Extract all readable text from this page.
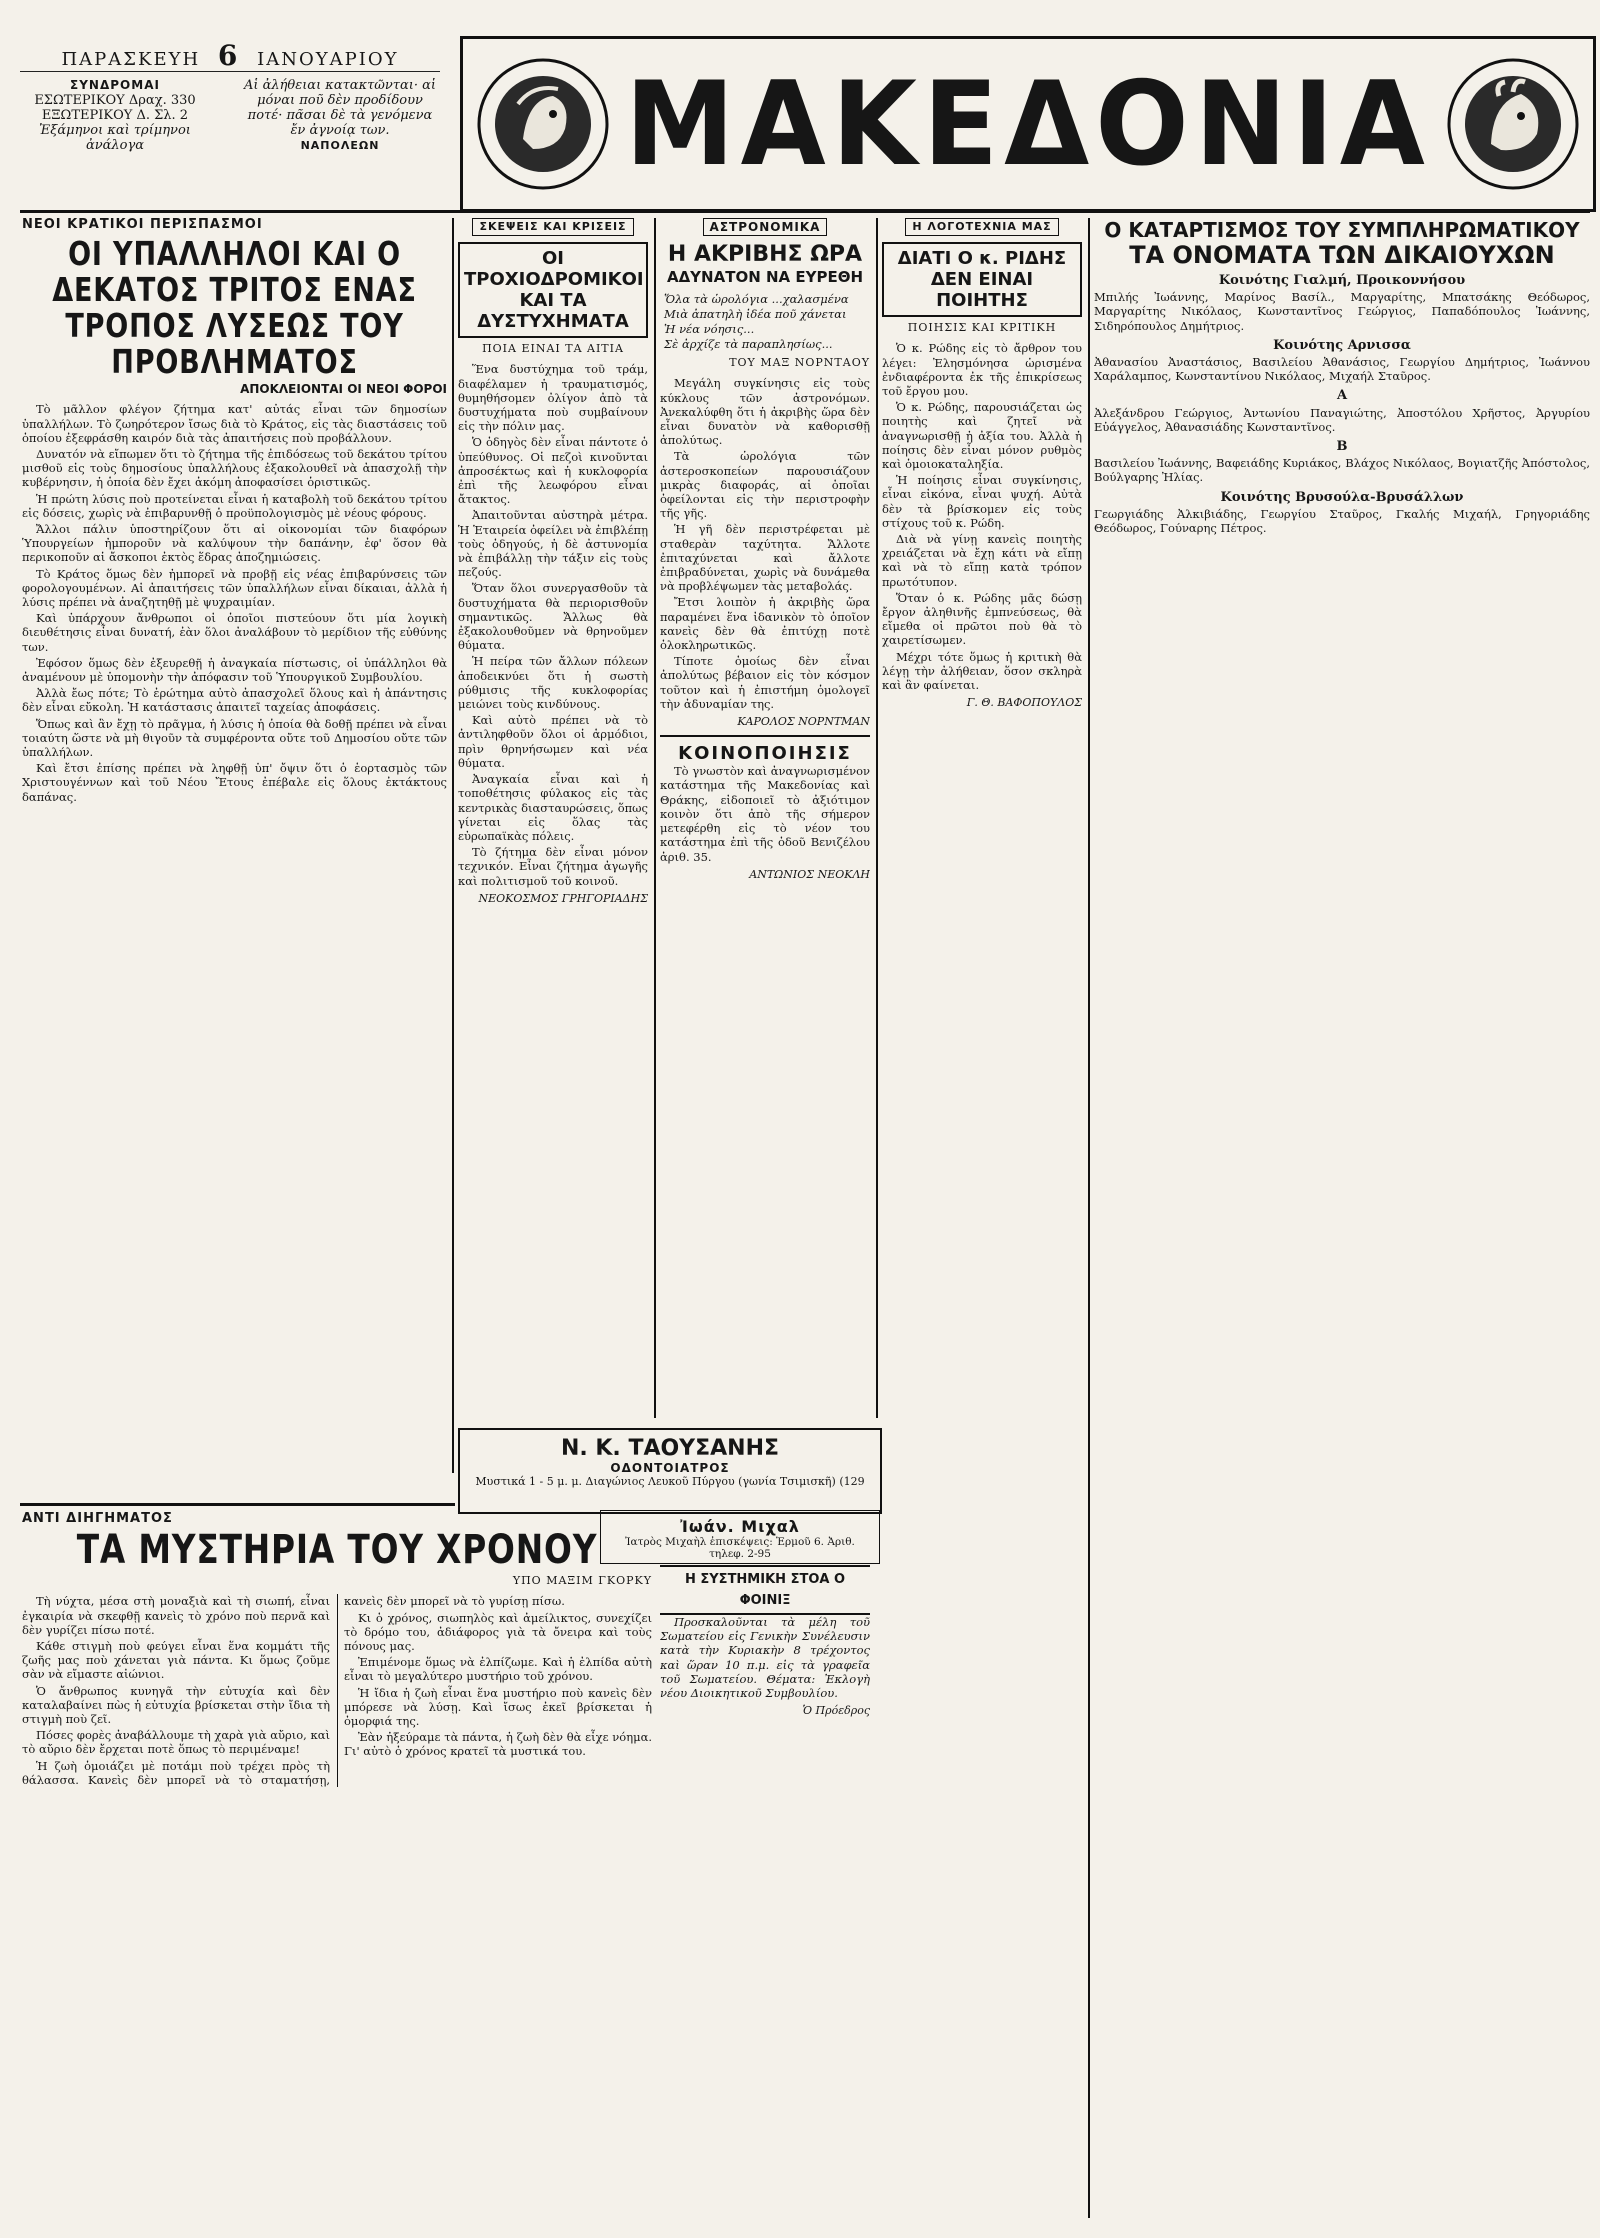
ΠΑΡΑΣΚΕΥΗ 6 ΙΑΝΟΥΑΡΙΟΥ
ΣΥΝΔΡΟΜΑΙ
ΕΣΩΤΕΡΙΚΟΥ Δραχ. 330
ΕΞΩΤΕΡΙΚΟΥ Δ. Σλ. 2
Ἐξάμηνοι καὶ τρίμηνοι ἀνάλογα
Αἱ ἀλήθειαι κατακτῶνται· αἱ μόναι ποῦ δὲν προδίδουν ποτέ· πᾶσαι δὲ τὰ γενόμενα ἔν ἀγνοίᾳ των.
ΝΑΠΟΛΕΩΝ	ΜΑΚΕΔΟΝΙΑ
ΝΕΟΙ ΚΡΑΤΙΚΟΙ ΠΕΡΙΣΠΑΣΜΟΙ
ΟΙ ΥΠΑΛΛΗΛΟΙ ΚΑΙ Ο ΔΕΚΑΤΟΣ ΤΡΙΤΟΣ ΕΝΑΣ ΤΡΟΠΟΣ ΛΥΣΕΩΣ ΤΟΥ ΠΡΟΒΛΗΜΑΤΟΣ
ΑΠΟΚΛΕΙΟΝΤΑΙ ΟΙ ΝΕΟΙ ΦΟΡΟΙ

Τὸ μᾶλλον φλέγον ζήτημα κατ' αὐτάς εἶναι τῶν δημοσίων ὑπαλλήλων. Τὸ ζωηρότερον ἴσως διὰ τὸ Κράτος, εἰς τὰς διαστάσεις τοῦ ὁποίου ἐξεφράσθη καιρόν διὰ τὰς ἀπαιτήσεις ποὺ προβάλλουν.

Δυνατόν νὰ εἴπωμεν ὅτι τὸ ζήτημα τῆς ἐπιδόσεως τοῦ δεκάτου τρίτου μισθοῦ εἰς τοὺς δημοσίους ὑπαλλήλους ἐξακολουθεῖ νὰ ἀπασχολῇ τὴν κυβέρνησιν, ἡ ὁποία δὲν ἔχει ἀκόμη ἀποφασίσει ὁριστικῶς.

Ἡ πρώτη λύσις ποὺ προτείνεται εἶναι ἡ καταβολὴ τοῦ δεκάτου τρίτου εἰς δόσεις, χωρὶς νὰ ἐπιβαρυνθῇ ὁ προϋπολογισμὸς μὲ νέους φόρους.

Ἄλλοι πάλιν ὑποστηρίζουν ὅτι αἱ οἰκονομίαι τῶν διαφόρων Ὑπουργείων ἠμποροῦν νὰ καλύψουν τὴν δαπάνην, ἐφ' ὅσον θὰ περικοποῦν αἱ ἄσκοποι ἐκτὸς ἕδρας ἀποζημιώσεις.

Τὸ Κράτος ὅμως δὲν ἠμπορεῖ νὰ προβῇ εἰς νέας ἐπιβαρύνσεις τῶν φορολογουμένων. Αἱ ἀπαιτήσεις τῶν ὑπαλλήλων εἶναι δίκαιαι, ἀλλὰ ἡ λύσις πρέπει νὰ ἀναζητηθῇ μὲ ψυχραιμίαν.

Καὶ ὑπάρχουν ἄνθρωποι οἱ ὁποῖοι πιστεύουν ὅτι μία λογικὴ διευθέτησις εἶναι δυνατή, ἐὰν ὅλοι ἀναλάβουν τὸ μερίδιον τῆς εὐθύνης των.

Ἐφόσον ὅμως δὲν ἐξευρεθῇ ἡ ἀναγκαία πίστωσις, οἱ ὑπάλληλοι θὰ ἀναμένουν μὲ ὑπομονὴν τὴν ἀπόφασιν τοῦ Ὑπουργικοῦ Συμβουλίου.

Ἀλλὰ ἔως πότε; Τὸ ἐρώτημα αὐτὸ ἀπασχολεῖ ὅλους καὶ ἡ ἀπάντησις δὲν εἶναι εὔκολη. Ἡ κατάστασις ἀπαιτεῖ ταχείας ἀποφάσεις.

Ὅπως καὶ ἂν ἔχῃ τὸ πρᾶγμα, ἡ λύσις ἡ ὁποία θὰ δοθῇ πρέπει νὰ εἶναι τοιαύτη ὥστε νὰ μὴ θιγοῦν τὰ συμφέροντα οὔτε τοῦ Δημοσίου οὔτε τῶν ὑπαλλήλων.

Καὶ ἔτσι ἐπίσης πρέπει νὰ ληφθῇ ὑπ' ὄψιν ὅτι ὁ ἑορτασμὸς τῶν Χριστουγέννων καὶ τοῦ Νέου Ἔτους ἐπέβαλε εἰς ὅλους ἐκτάκτους δαπάνας.

ΣΚΕΨΕΙΣ ΚΑΙ ΚΡΙΣΕΙΣ
ΟΙ ΤΡΟΧΙΟΔΡΟΜΙΚΟΙ ΚΑΙ ΤΑ ΔΥΣΤΥΧΗΜΑΤΑ
ΠΟΙΑ ΕΙΝΑΙ ΤΑ ΑΙΤΙΑ

Ἕνα δυστύχημα τοῦ τράμ, διαφέλαμεν ἡ τραυματισμός, θυμηθήσομεν ὀλίγον ἀπὸ τὰ δυστυχήματα ποὺ συμβαίνουν εἰς τὴν πόλιν μας.

Ὁ ὁδηγὸς δὲν εἶναι πάντοτε ὁ ὑπεύθυνος. Οἱ πεζοὶ κινοῦνται ἀπροσέκτως καὶ ἡ κυκλοφορία ἐπὶ τῆς λεωφόρου εἶναι ἄτακτος.

Ἀπαιτοῦνται αὐστηρὰ μέτρα. Ἡ Ἑταιρεία ὀφείλει νὰ ἐπιβλέπῃ τοὺς ὁδηγούς, ἡ δὲ ἀστυνομία νὰ ἐπιβάλλῃ τὴν τάξιν εἰς τοὺς πεζούς.

Ὅταν ὅλοι συνεργασθοῦν τὰ δυστυχήματα θὰ περιορισθοῦν σημαντικῶς. Ἄλλως θὰ ἐξακολουθοῦμεν νὰ θρηνοῦμεν θύματα.

Ἡ πείρα τῶν ἄλλων πόλεων ἀποδεικνύει ὅτι ἡ σωστὴ ρύθμισις τῆς κυκλοφορίας μειώνει τοὺς κινδύνους.

Καὶ αὐτὸ πρέπει νὰ τὸ ἀντιληφθοῦν ὅλοι οἱ ἁρμόδιοι, πρὶν θρηνήσωμεν καὶ νέα θύματα.

Ἀναγκαία εἶναι καὶ ἡ τοποθέτησις φύλακος εἰς τὰς κεντρικὰς διασταυρώσεις, ὅπως γίνεται εἰς ὅλας τὰς εὐρωπαϊκὰς πόλεις.

Τὸ ζήτημα δὲν εἶναι μόνον τεχνικόν. Εἶναι ζήτημα ἀγωγῆς καὶ πολιτισμοῦ τοῦ κοινοῦ.

ΝΕΟΚΟΣΜΟΣ ΓΡΗΓΟΡΙΑΔΗΣ
ΑΣΤΡΟΝΟΜΙΚΑ
Η ΑΚΡΙΒΗΣ ΩΡΑ
ΑΔΥΝΑΤΟΝ ΝΑ ΕΥΡΕΘΗ
Ὅλα τὰ ὡρολόγια ...χαλασμένα
Μιὰ ἀπατηλὴ ἰδέα ποῦ χάνεται
Ἡ νέα νόησις...
Σὲ ἀρχίζε τὰ παραπλησίως...
ΤΟΥ ΜΑΞ ΝΟΡΝΤΑΟΥ

Μεγάλη συγκίνησις εἰς τοὺς κύκλους τῶν ἀστρονόμων. Ἀνεκαλύφθη ὅτι ἡ ἀκριβὴς ὥρα δὲν εἶναι δυνατὸν νὰ καθορισθῇ ἀπολύτως.

Τὰ ὡρολόγια τῶν ἀστεροσκοπείων παρουσιάζουν μικρὰς διαφοράς, αἱ ὁποῖαι ὀφείλονται εἰς τὴν περιστροφὴν τῆς γῆς.

Ἡ γῆ δὲν περιστρέφεται μὲ σταθερὰν ταχύτητα. Ἄλλοτε ἐπιταχύνεται καὶ ἄλλοτε ἐπιβραδύνεται, χωρὶς νὰ δυνάμεθα νὰ προβλέψωμεν τὰς μεταβολάς.

Ἔτσι λοιπὸν ἡ ἀκριβὴς ὥρα παραμένει ἕνα ἰδανικὸν τὸ ὁποῖον κανεὶς δὲν θὰ ἐπιτύχῃ ποτὲ ὁλοκληρωτικῶς.

Τίποτε ὁμοίως δὲν εἶναι ἀπολύτως βέβαιον εἰς τὸν κόσμον τοῦτον καὶ ἡ ἐπιστήμη ὁμολογεῖ τὴν ἀδυναμίαν της.

ΚΑΡΟΛΟΣ ΝΟΡΝΤΜΑΝ
ΚΟΙΝΟΠΟΙΗΣΙΣ

Τὸ γνωστὸν καὶ ἀναγνωρισμένον κατάστημα τῆς Μακεδονίας καὶ Θράκης, εἰδοποιεῖ τὸ ἀξιότιμον κοινὸν ὅτι ἀπὸ τῆς σήμερον μετεφέρθη εἰς τὸ νέον του κατάστημα ἐπὶ τῆς ὁδοῦ Βενιζέλου ἀριθ. 35.

ΑΝΤΩΝΙΟΣ ΝΕΟΚΛΗ
Η ΛΟΓΟΤΕΧΝΙΑ ΜΑΣ
ΔΙΑΤΙ Ο κ. ΡΙΔΗΣ ΔΕΝ ΕΙΝΑΙ ΠΟΙΗΤΗΣ
ΠΟΙΗΣΙΣ ΚΑΙ ΚΡΙΤΙΚΗ

Ὁ κ. Ρώδης εἰς τὸ ἄρθρον του λέγει: Ἐλησμόνησα ὡρισμένα ἐνδιαφέροντα ἐκ τῆς ἐπικρίσεως τοῦ ἔργου μου.

Ὁ κ. Ρώδης, παρουσιάζεται ὡς ποιητὴς καὶ ζητεῖ νὰ ἀναγνωρισθῇ ἡ ἀξία του. Ἀλλὰ ἡ ποίησις δὲν εἶναι μόνον ρυθμὸς καὶ ὁμοιοκαταληξία.

Ἡ ποίησις εἶναι συγκίνησις, εἶναι εἰκόνα, εἶναι ψυχή. Αὐτὰ δὲν τὰ βρίσκομεν εἰς τοὺς στίχους τοῦ κ. Ρώδη.

Διὰ νὰ γίνῃ κανεὶς ποιητὴς χρειάζεται νὰ ἔχῃ κάτι νὰ εἴπῃ καὶ νὰ τὸ εἴπῃ κατὰ τρόπον πρωτότυπον.

Ὅταν ὁ κ. Ρώδης μᾶς δώσῃ ἔργον ἀληθινῆς ἐμπνεύσεως, θὰ εἴμεθα οἱ πρῶτοι ποὺ θὰ τὸ χαιρετίσωμεν.

Μέχρι τότε ὅμως ἡ κριτικὴ θὰ λέγῃ τὴν ἀλήθειαν, ὅσον σκληρὰ καὶ ἂν φαίνεται.

Γ. Θ. ΒΑΦΟΠΟΥΛΟΣ
Ο ΚΑΤΑΡΤΙΣΜΟΣ ΤΟΥ ΣΥΜΠΛΗΡΩΜΑΤΙΚΟΥ
ΤΑ ΟΝΟΜΑΤΑ ΤΩΝ ΔΙΚΑΙΟΥΧΩΝ
Κοινότης Γιαλμή, Προικοννήσου

Μπιλής Ἰωάννης, Μαρίνος Βασίλ., Μαργαρίτης, Μπατσάκης Θεόδωρος, Μαργαρίτης Νικόλαος, Κωνσταντῖνος Γεώργιος, Παπαδόπουλος Ἰωάννης, Σιδηρόπουλος Δημήτριος.

Κοινότης Αρνισσα

Ἀθανασίου Ἀναστάσιος, Βασιλείου Ἀθανάσιος, Γεωργίου Δημήτριος, Ἰωάννου Χαράλαμπος, Κωνσταντίνου Νικόλαος, Μιχαήλ Σταῦρος.

Α

Ἀλεξάνδρου Γεώργιος, Ἀντωνίου Παναγιώτης, Ἀποστόλου Χρῆστος, Ἀργυρίου Εὐάγγελος, Ἀθανασιάδης Κωνσταντῖνος.

Β

Βασιλείου Ἰωάννης, Βαφειάδης Κυριάκος, Βλάχος Νικόλαος, Βογιατζῆς Ἀπόστολος, Βούλγαρης Ἠλίας.

Κοινότης Βρυσούλα-Βρυσάλλων

Γεωργιάδης Ἀλκιβιάδης, Γεωργίου Σταῦρος, Γκαλής Μιχαήλ, Γρηγοριάδης Θεόδωρος, Γούναρης Πέτρος.

Ν. Κ. ΤΑΟΥΣΑΝΗΣ
ΟΔΟΝΤΟΙΑΤΡΟΣ
Μυστικά 1 - 5 μ. μ. Διαγώνιος Λευκοῦ Πύργου (γωνία Τσιμισκῆ) (129
Ἰωάν. Μιχαλ
Ἰατρὸς Μιχαὴλ ἐπισκέψεις: Ἑρμοῦ 6. Ἀριθ. τηλεφ. 2-95
Η ΣΥΣΤΗΜΙΚΗ ΣΤΟΑ Ο ΦΟΙΝΙΞ

Προσκαλοῦνται τὰ μέλη τοῦ Σωματείου εἰς Γενικὴν Συνέλευσιν κατὰ τὴν Κυριακὴν 8 τρέχοντος καὶ ὥραν 10 π.μ. εἰς τὰ γραφεῖα τοῦ Σωματείου. Θέματα: Ἐκλογὴ νέου Διοικητικοῦ Συμβουλίου.

Ὁ Πρόεδρος
ΑΝΤΙ ΔΙΗΓΗΜΑΤΟΣ
ΤΑ ΜΥΣΤΗΡΙΑ ΤΟΥ ΧΡΟΝΟΥ
ΥΠΟ ΜΑΞΙΜ ΓΚΟΡΚΥ

Τὴ νύχτα, μέσα στὴ μοναξιὰ καὶ τὴ σιωπή, εἶναι ἐγκαιρία νὰ σκεφθῇ κανεὶς τὸ χρόνο ποὺ περνᾶ καὶ δὲν γυρίζει πίσω ποτέ.

Κάθε στιγμὴ ποὺ φεύγει εἶναι ἕνα κομμάτι τῆς ζωῆς μας ποὺ χάνεται γιὰ πάντα. Κι ὅμως ζοῦμε σὰν νὰ εἴμαστε αἰώνιοι.

Ὁ ἄνθρωπος κυνηγᾶ τὴν εὐτυχία καὶ δὲν καταλαβαίνει πὼς ἡ εὐτυχία βρίσκεται στὴν ἴδια τὴ στιγμὴ ποὺ ζεῖ.

Πόσες φορὲς ἀναβάλλουμε τὴ χαρὰ γιὰ αὔριο, καὶ τὸ αὔριο δὲν ἔρχεται ποτὲ ὅπως τὸ περιμέναμε!

Ἡ ζωὴ ὁμοιάζει μὲ ποτάμι ποὺ τρέχει πρὸς τὴ θάλασσα. Κανεὶς δὲν μπορεῖ νὰ τὸ σταματήσῃ, κανεὶς δὲν μπορεῖ νὰ τὸ γυρίσῃ πίσω.

Κι ὁ χρόνος, σιωπηλὸς καὶ ἀμείλικτος, συνεχίζει τὸ δρόμο του, ἀδιάφορος γιὰ τὰ ὄνειρα καὶ τοὺς πόνους μας.

Ἐπιμένομε ὅμως νὰ ἐλπίζωμε. Καὶ ἡ ἐλπίδα αὐτὴ εἶναι τὸ μεγαλύτερο μυστήριο τοῦ χρόνου.

Ἡ ἴδια ἡ ζωὴ εἶναι ἕνα μυστήριο ποὺ κανεὶς δὲν μπόρεσε νὰ λύσῃ. Καὶ ἴσως ἐκεῖ βρίσκεται ἡ ὀμορφιά της.

Ἐὰν ἠξεύραμε τὰ πάντα, ἡ ζωὴ δὲν θὰ εἶχε νόημα. Γι' αὐτὸ ὁ χρόνος κρατεῖ τὰ μυστικά του.
